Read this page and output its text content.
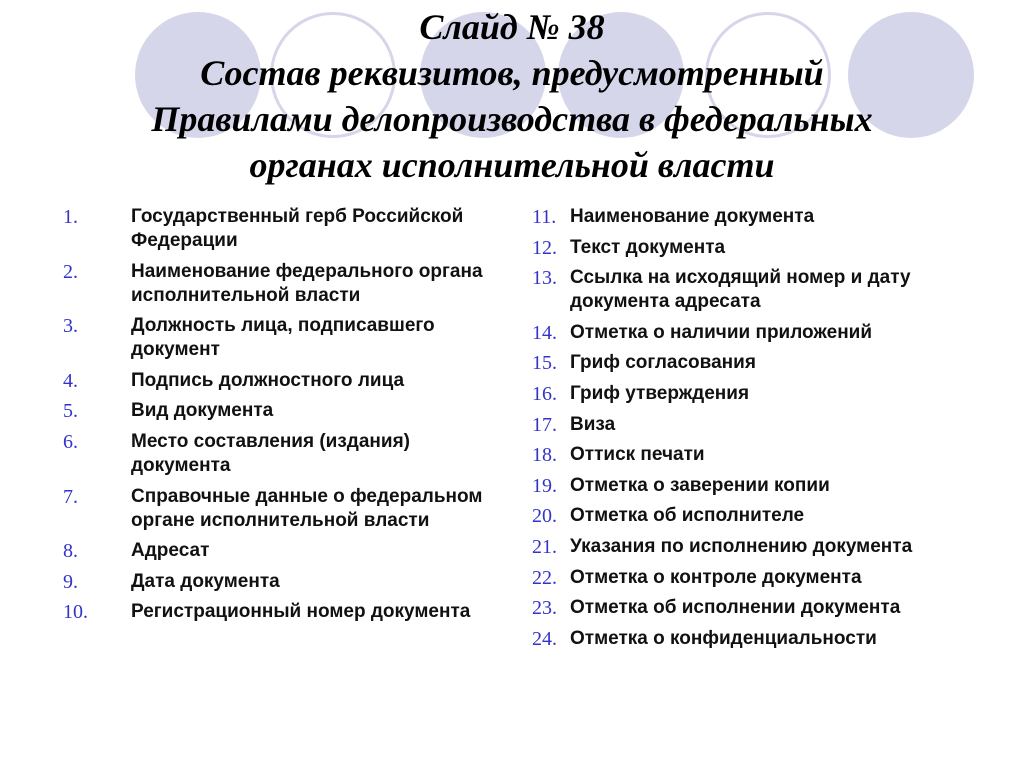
Слайд № 38
Состав реквизитов, предусмотренный
Правилами делопроизводства в федеральных
органах исполнительной власти
1.	Государственный герб Российской Федерации
2.	Наименование федерального органа исполнительной власти
3.	Должность лица, подписавшего документ
4.	Подпись должностного лица
5.	Вид документа
6.	Место составления (издания) документа
7.	Справочные данные о федеральном органе исполнительной власти
8.	Адресат
9.	Дата документа
10.	Регистрационный номер документа
11. Наименование документа
12. Текст документа
13. Ссылка на исходящий номер и дату документа адресата
14. Отметка о наличии приложений
15. Гриф согласования
16. Гриф утверждения
17. Виза
18. Оттиск печати
19. Отметка о заверении копии
20. Отметка об исполнителе
21. Указания по исполнению документа
22. Отметка о контроле документа
23. Отметка об исполнении документа
24. Отметка о конфиденциальности
